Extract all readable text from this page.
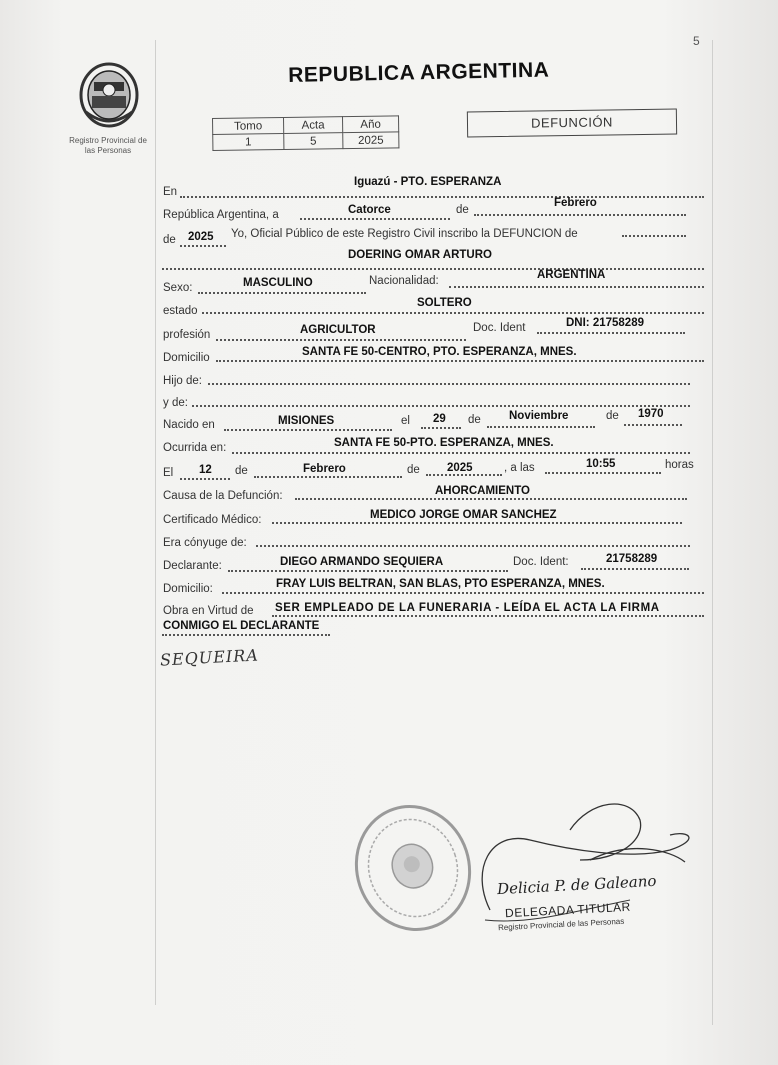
5
Registro Provincial de
las Personas
REPUBLICA ARGENTINA
Tomo	Acta	Año
1	5	2025
DEFUNCIÓN
En
Iguazú - PTO. ESPERANZA
República Argentina, a	Catorce	de
Febrero
de 2025 Yo, Oficial Público de este Registro Civil inscribo la DEFUNCION de
DOERING OMAR ARTURO
Sexo:	MASCULINO	Nacionalidad:	ARGENTINA
estado
SOLTERO
profesión	AGRICULTOR	Doc. Ident	DNI: 21758289
Domicilio	SANTA FE 50-CENTRO, PTO. ESPERANZA, MNES.
Hijo de:
y de:
Nacido en	MISIONES	el 29 de Noviembre	de 1970
Ocurrida en:	SANTA FE 50-PTO. ESPERANZA, MNES.
El 12 de	Febrero	de 2025	, a las	10:55	horas
Causa de la Defunción:	AHORCAMIENTO
Certificado Médico:	MEDICO JORGE OMAR SANCHEZ
Era cónyuge de:
Declarante:	DIEGO ARMANDO SEQUIERA	Doc. Ident:	21758289
Domicilio:	FRAY LUIS BELTRAN, SAN BLAS, PTO ESPERANZA, MNES.
Obra en Virtud de SER EMPLEADO DE LA FUNERARIA - LEÍDA EL ACTA LA FIRMA
CONMIGO EL DECLARANTE
SEQUEIRA
Delicia P. de Galeano
DELEGADA TITULAR
Registro Provincial de las Personas
